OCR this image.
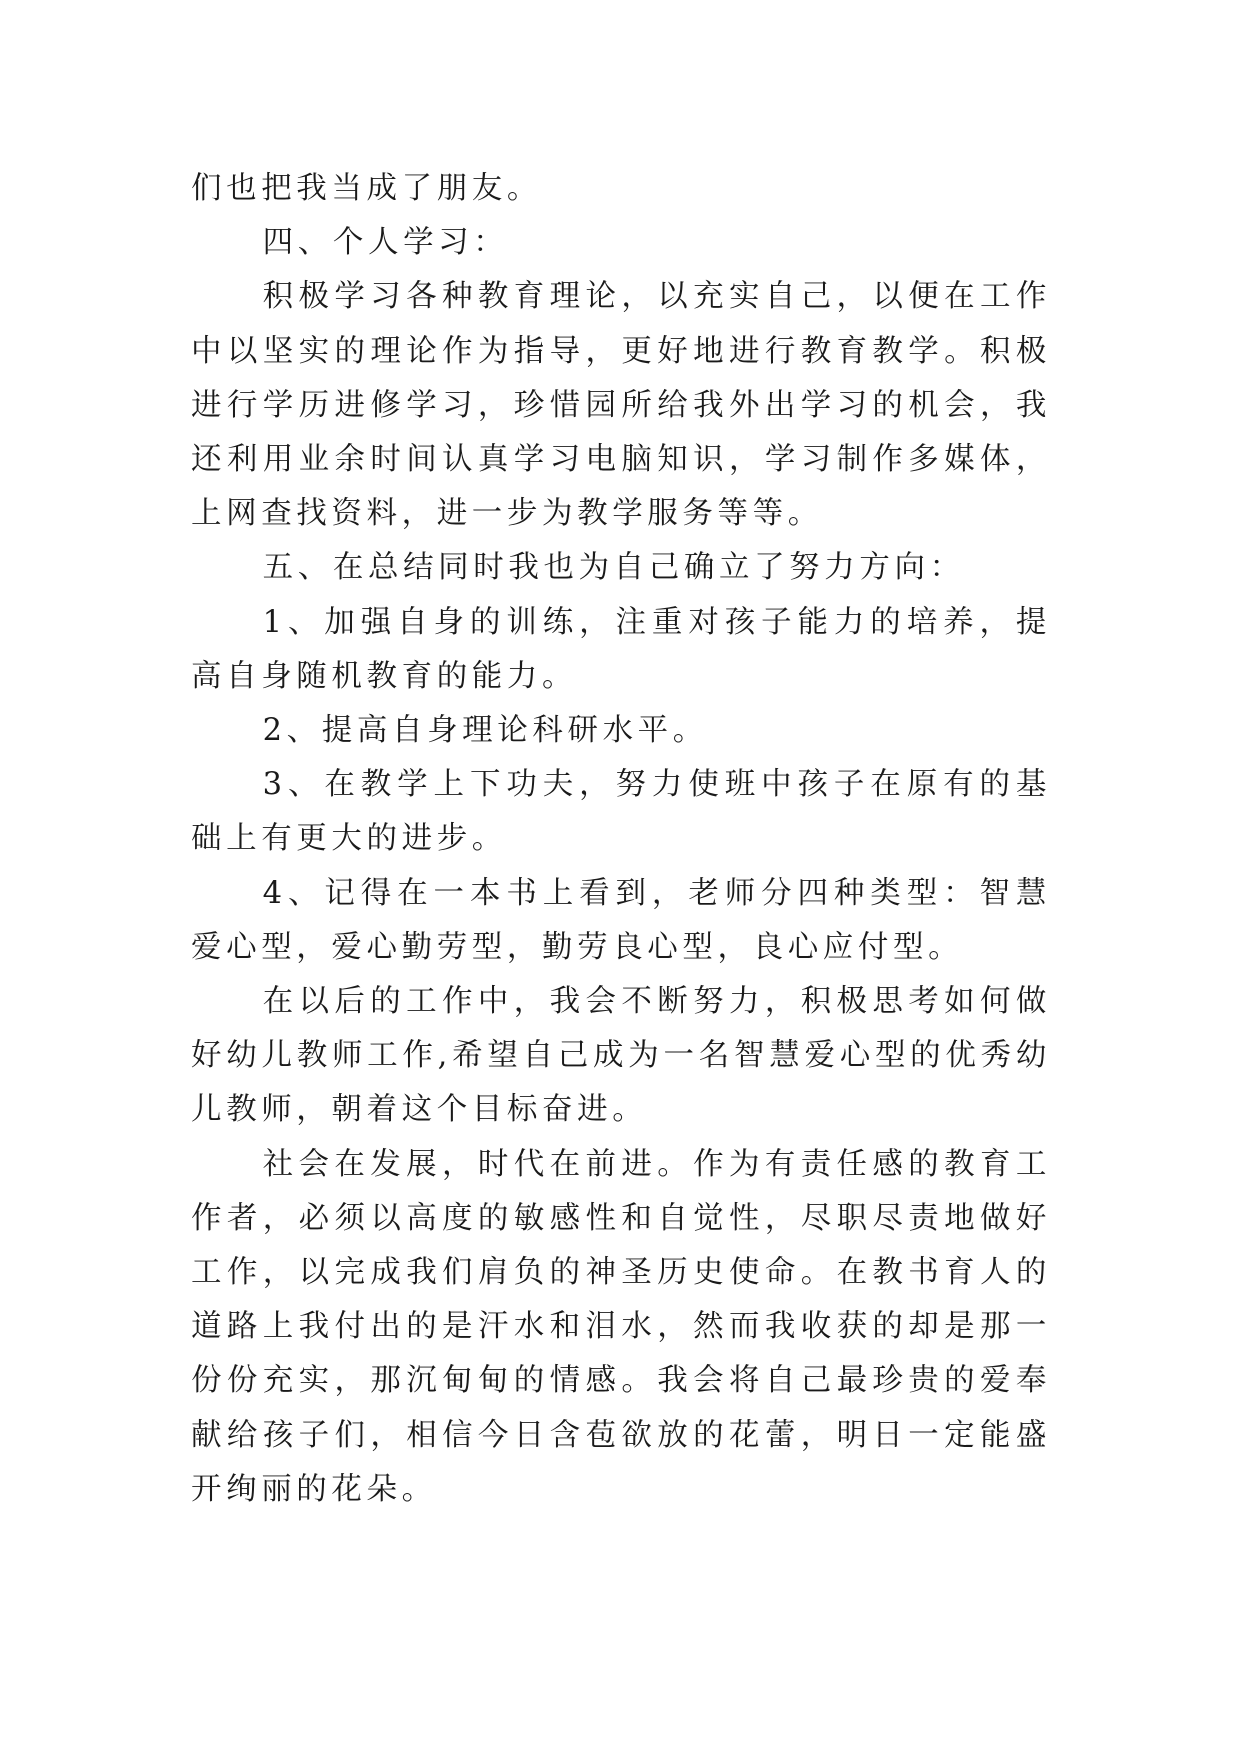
们也把我当成了朋友。

四、个人学习：

积极学习各种教育理论，以充实自己，以便在工作中以坚实的理论作为指导，更好地进行教育教学。积极进行学历进修学习，珍惜园所给我外出学习的机会，我还利用业余时间认真学习电脑知识，学习制作多媒体，上网查找资料，进一步为教学服务等等。

五、在总结同时我也为自己确立了努力方向：

1、加强自身的训练，注重对孩子能力的培养，提高自身随机教育的能力。

2、提高自身理论科研水平。

3、在教学上下功夫，努力使班中孩子在原有的基础上有更大的进步。

4、记得在一本书上看到，老师分四种类型：智慧爱心型，爱心勤劳型，勤劳良心型，良心应付型。

在以后的工作中，我会不断努力，积极思考如何做好幼儿教师工作,希望自己成为一名智慧爱心型的优秀幼儿教师，朝着这个目标奋进。

社会在发展，时代在前进。作为有责任感的教育工作者，必须以高度的敏感性和自觉性，尽职尽责地做好工作，以完成我们肩负的神圣历史使命。在教书育人的道路上我付出的是汗水和泪水，然而我收获的却是那一份份充实，那沉甸甸的情感。我会将自己最珍贵的爱奉献给孩子们，相信今日含苞欲放的花蕾，明日一定能盛开绚丽的花朵。
